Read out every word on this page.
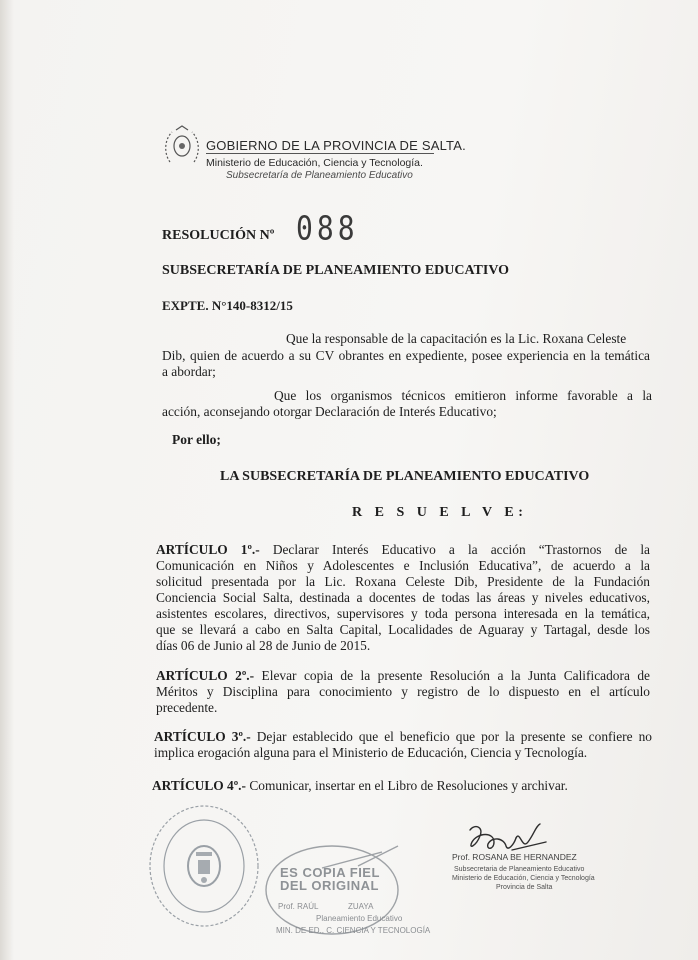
GOBIERNO DE LA PROVINCIA DE SALTA.
Ministerio de Educación, Ciencia y Tecnología.
Subsecretaría de Planeamiento Educativo
RESOLUCIÓN Nº 088
SUBSECRETARÍA DE PLANEAMIENTO EDUCATIVO
EXPTE. N°140-8312/15
Que la responsable de la capacitación es la Lic. Roxana Celeste
Dib, quien de acuerdo a su CV obrantes en expediente, posee experiencia en la temática
a abordar;
Que los organismos técnicos emitieron informe favorable a la
acción, aconsejando otorgar Declaración de Interés Educativo;
Por ello;
LA SUBSECRETARÍA DE PLANEAMIENTO EDUCATIVO
R E S U E L V E:
ARTÍCULO 1º.- Declarar Interés Educativo a la acción “Trastornos de la
Comunicación en Niños y Adolescentes e Inclusión Educativa”, de acuerdo a la
solicitud presentada por la Lic. Roxana Celeste Dib, Presidente de la Fundación
Conciencia Social Salta, destinada a docentes de todas las áreas y niveles educativos,
asistentes escolares, directivos, supervisores y toda persona interesada en la temática,
que se llevará a cabo en Salta Capital, Localidades de Aguaray y Tartagal, desde los
días 06 de Junio al 28 de Junio de 2015.
ARTÍCULO 2º.- Elevar copia de la presente Resolución a la Junta Calificadora de
Méritos y Disciplina para conocimiento y registro de lo dispuesto en el artículo
precedente.
ARTÍCULO 3º.- Dejar establecido que el beneficio que por la presente se confiere no
implica erogación alguna para el Ministerio de Educación, Ciencia y Tecnología.
ARTÍCULO 4º.- Comunicar, insertar en el Libro de Resoluciones y archivar.
ES COPIA FIEL
DEL ORIGINAL
Prof. RAÚL	ZUAYA
Planeamiento Educativo
MIN. DE ED., C. CIENCIA Y TECNOLOGÍA
Prof. ROSANA BE HERNANDEZ
Subsecretaria de Planeamiento Educativo
Ministerio de Educación, Ciencia y Tecnología
Provincia de Salta
